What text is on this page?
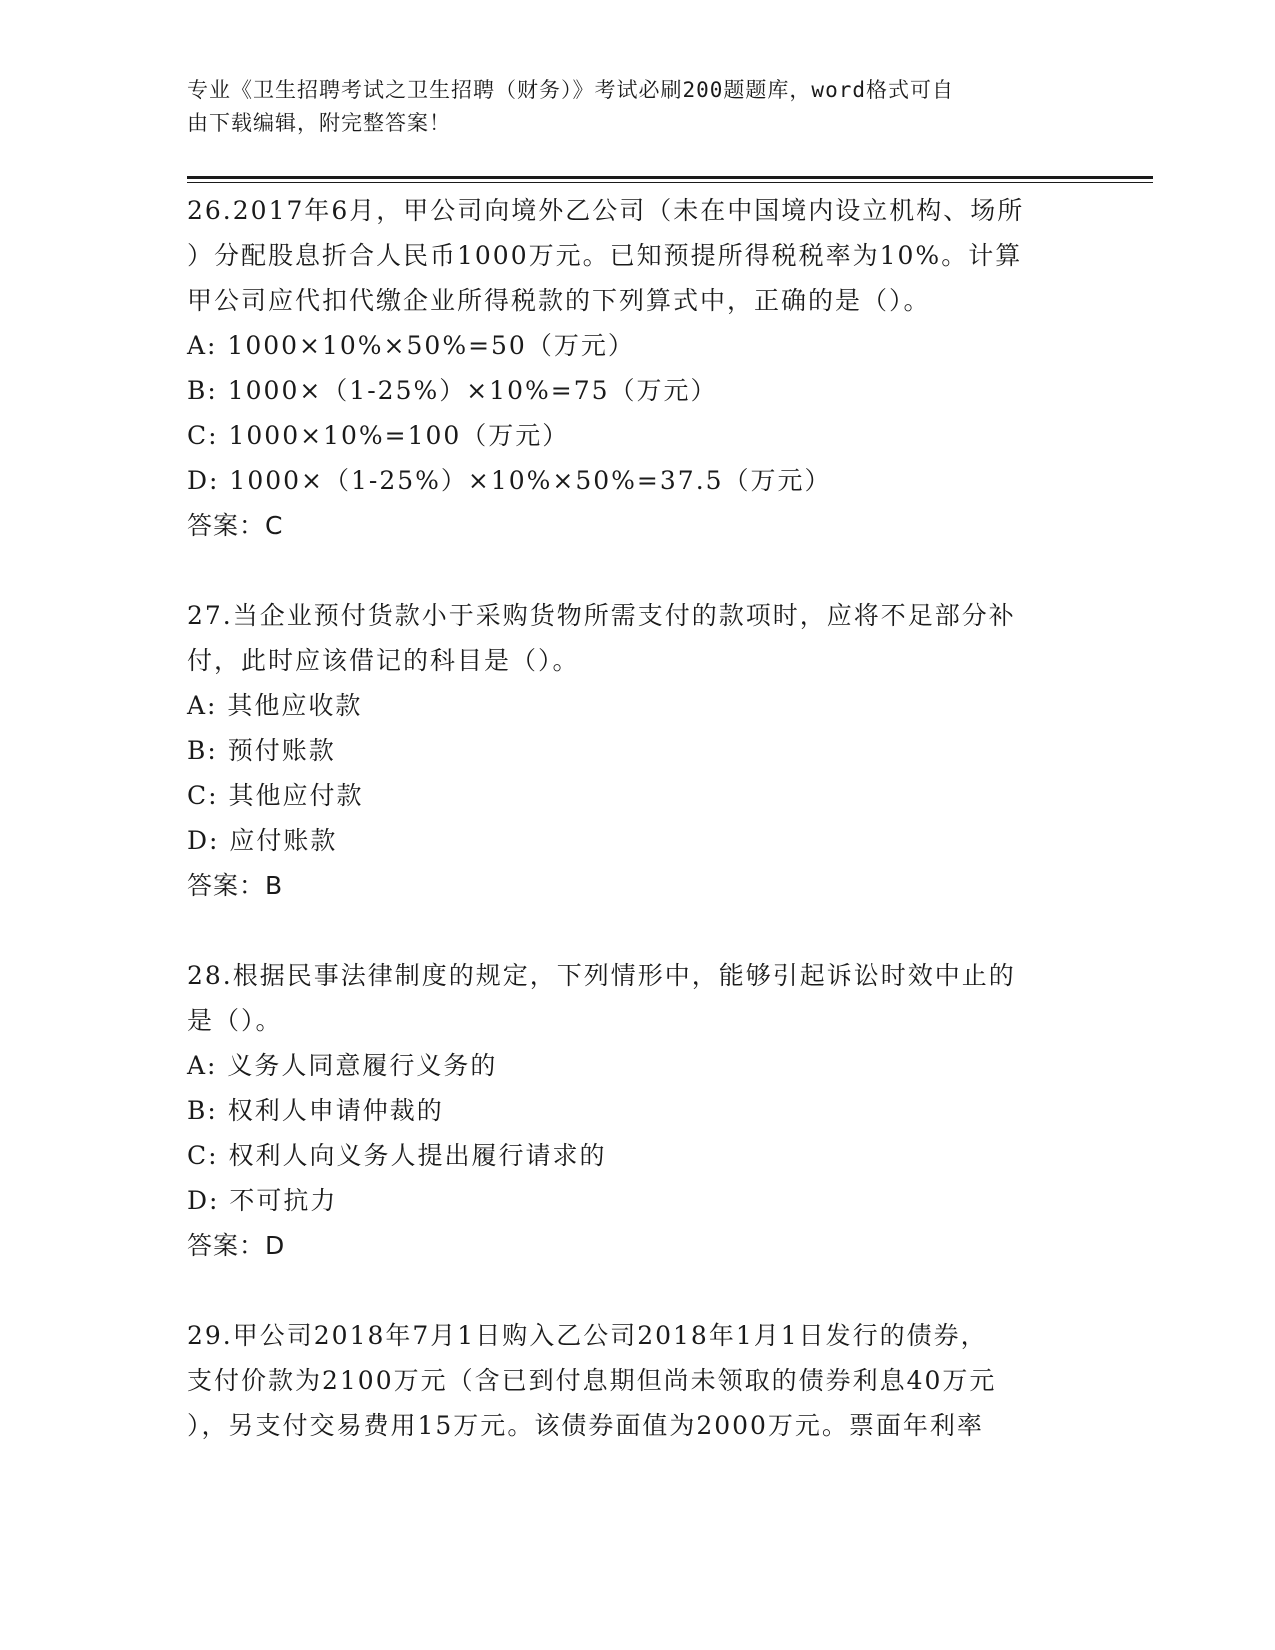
专业《卫生招聘考试之卫生招聘（财务）》考试必刷200题题库，word格式可自
由下载编辑，附完整答案！

26.2017年6月，甲公司向境外乙公司（未在中国境内设立机构、场所

）分配股息折合人民币1000万元。已知预提所得税税率为10%。计算

甲公司应代扣代缴企业所得税款的下列算式中，正确的是（）。

A: 1000×10%×50%=50（万元）

B: 1000×（1-25%）×10%=75（万元）

C: 1000×10%=100（万元）

D: 1000×（1-25%）×10%×50%=37.5（万元）

答案：C

27.当企业预付货款小于采购货物所需支付的款项时，应将不足部分补

付，此时应该借记的科目是（）。

A: 其他应收款

B: 预付账款

C: 其他应付款

D: 应付账款

答案：B

28.根据民事法律制度的规定，下列情形中，能够引起诉讼时效中止的

是（）。

A: 义务人同意履行义务的

B: 权利人申请仲裁的

C: 权利人向义务人提出履行请求的

D: 不可抗力

答案：D

29.甲公司2018年7月1日购入乙公司2018年1月1日发行的债券，

支付价款为2100万元（含已到付息期但尚未领取的债券利息40万元

），另支付交易费用15万元。该债券面值为2000万元。票面年利率
